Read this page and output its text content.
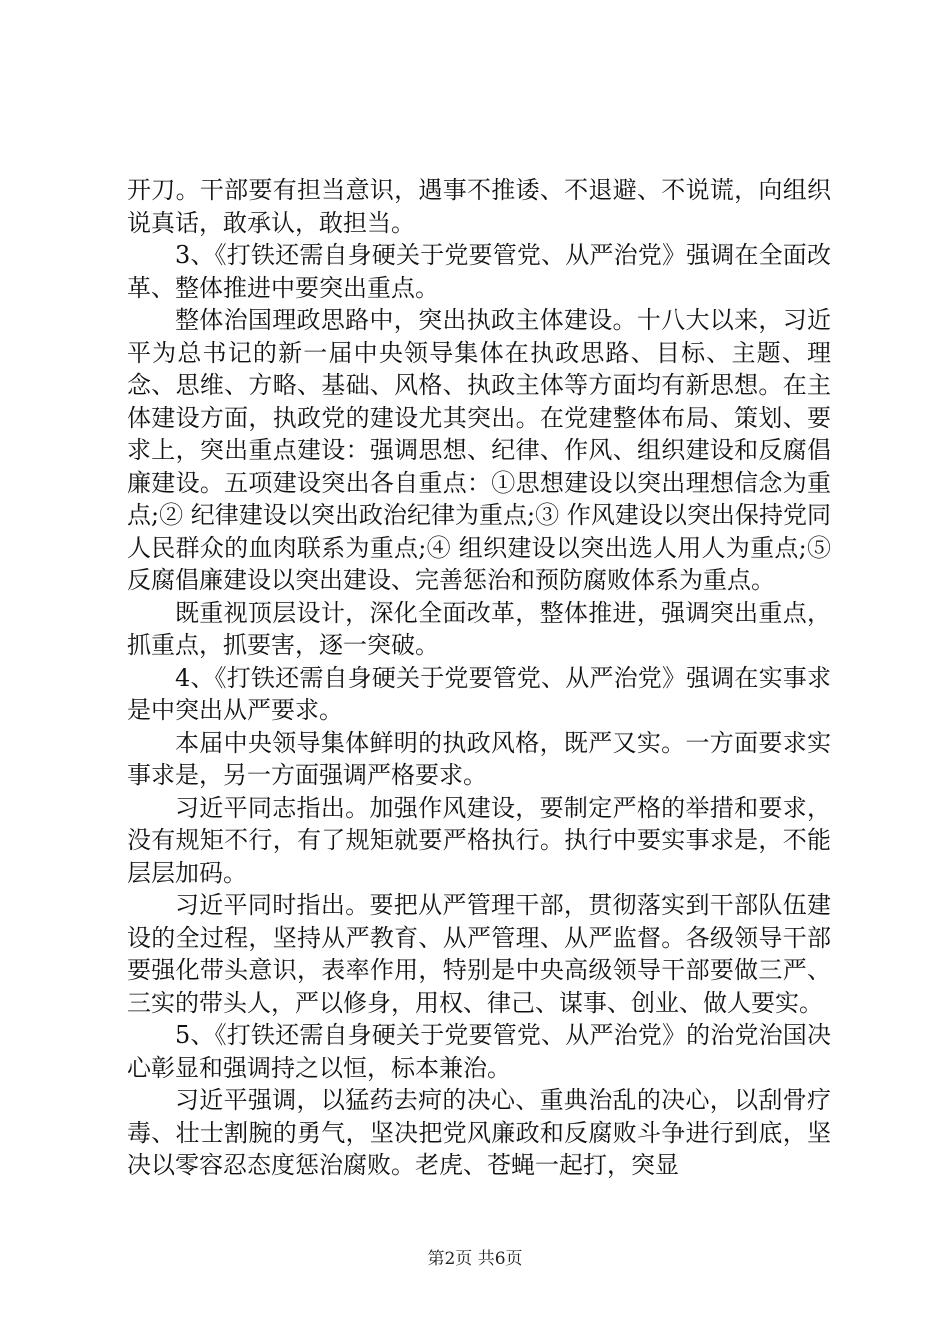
开刀。干部要有担当意识，遇事不推诿、不退避、不说谎，向组织说真话，敢承认，敢担当。

3、《打铁还需自身硬关于党要管党、从严治党》强调在全面改革、整体推进中要突出重点。

整体治国理政思路中，突出执政主体建设。十八大以来，习近平为总书记的新一届中央领导集体在执政思路、目标、主题、理念、思维、方略、基础、风格、执政主体等方面均有新思想。在主体建设方面，执政党的建设尤其突出。在党建整体布局、策划、要求上，突出重点建设：强调思想、纪律、作风、组织建设和反腐倡廉建设。五项建设突出各自重点：①思想建设以突出理想信念为重点;② 纪律建设以突出政治纪律为重点;③ 作风建设以突出保持党同人民群众的血肉联系为重点;④ 组织建设以突出选人用人为重点;⑤ 反腐倡廉建设以突出建设、完善惩治和预防腐败体系为重点。

既重视顶层设计，深化全面改革，整体推进，强调突出重点，抓重点，抓要害，逐一突破。

4、《打铁还需自身硬关于党要管党、从严治党》强调在实事求是中突出从严要求。

本届中央领导集体鲜明的执政风格，既严又实。一方面要求实事求是，另一方面强调严格要求。

习近平同志指出。加强作风建设，要制定严格的举措和要求，没有规矩不行，有了规矩就要严格执行。执行中要实事求是，不能层层加码。

习近平同时指出。要把从严管理干部，贯彻落实到干部队伍建设的全过程，坚持从严教育、从严管理、从严监督。各级领导干部要强化带头意识，表率作用，特别是中央高级领导干部要做三严、三实的带头人，严以修身，用权、律己、谋事、创业、做人要实。

5、《打铁还需自身硬关于党要管党、从严治党》的治党治国决心彰显和强调持之以恒，标本兼治。

习近平强调，以猛药去疴的决心、重典治乱的决心，以刮骨疗毒、壮士割腕的勇气，坚决把党风廉政和反腐败斗争进行到底，坚决以零容忍态度惩治腐败。老虎、苍蝇一起打，突显

第2页 共6页
